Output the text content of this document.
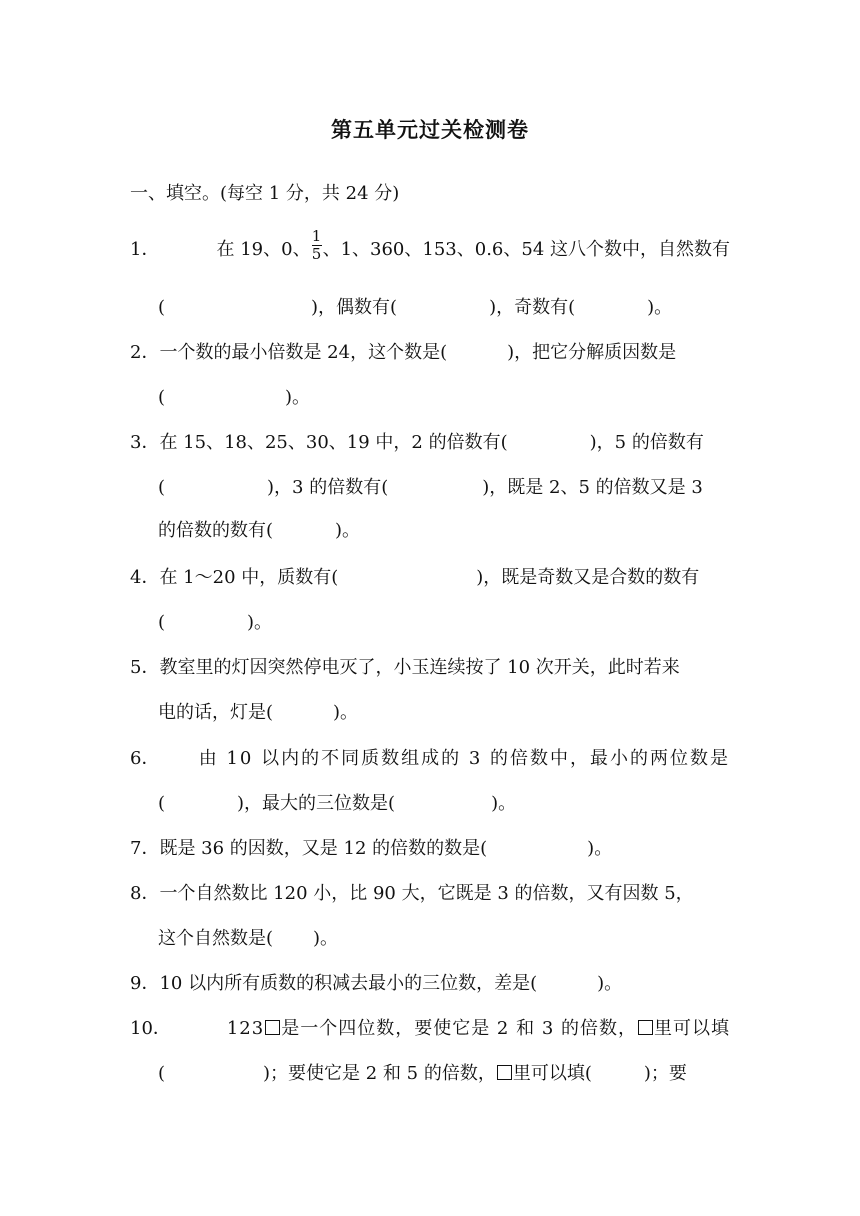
第五单元过关检测卷
一、填空。(每空 1 分，共 24 分)
1．	在 19、0、 $\frac{1}{5}$ 、1、360、153、0.6、54 这八个数中，自然数有
(	)，偶数有(	)，奇数有(	)。
2．一个数的最小倍数是 24，这个数是(	)，把它分解质因数是
(	)。
3．在 15、18、25、30、19 中，2 的倍数有(	)，5 的倍数有
(	)，3 的倍数有(	)，既是 2、5 的倍数又是 3
的倍数的数有(	)。
4．在 1～20 中，质数有(	)，既是奇数又是合数的数有
(	)。
5．教室里的灯因突然停电灭了，小玉连续按了 10 次开关，此时若来
电的话，灯是(	)。
6． 由 10 以内的不同质数组成的 3 的倍数中，最小的两位数是
(	)，最大的三位数是(	)。
7．既是 36 的因数，又是 12 的倍数的数是(	)。
8．一个自然数比 120 小，比 90 大，它既是 3 的倍数，又有因数 5，
这个自然数是( )。
9．10 以内所有质数的积减去最小的三位数，差是(	)。
10．	123 是一个四位数，要使它是 2 和 3 的倍数， 里可以填
(	)；要使它是 2 和 5 的倍数， 里可以填(	)；要
